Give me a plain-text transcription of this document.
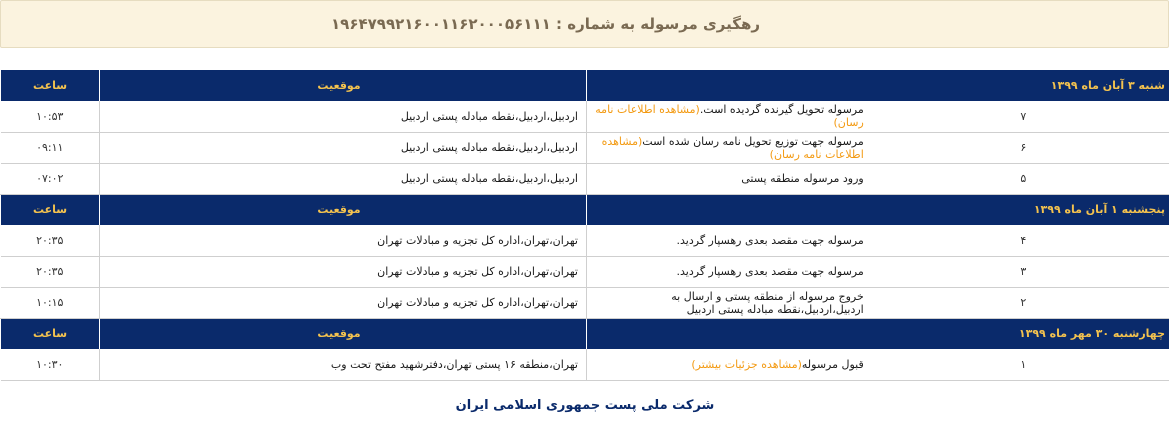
رهگیری مرسوله به شماره : ۱۹۶۴۷۹۹۲۱۶۰۰۱۱۶۲۰۰۰۵۶۱۱۱
شنبه ۳ آبان ماه ۱۳۹۹		موقعیت	ساعت
۷	مرسوله تحویل گیرنده گردیده است.(مشاهده اطلاعات نامه رسان)	اردبیل،اردبیل،نقطه مبادله پستی اردبیل	۱۰:۵۳
۶	مرسوله جهت توزیع تحویل نامه رسان شده است(مشاهده اطلاعات نامه رسان)	اردبیل،اردبیل،نقطه مبادله پستی اردبیل	۰۹:۱۱
۵	ورود مرسوله منطقه پستی	اردبیل،اردبیل،نقطه مبادله پستی اردبیل	۰۷:۰۲
پنجشنبه ۱ آبان ماه ۱۳۹۹		موقعیت	ساعت
۴	مرسوله جهت مقصد بعدی رهسپار گردید.	تهران،تهران،اداره کل تجزیه و مبادلات تهران	۲۰:۳۵
۳	مرسوله جهت مقصد بعدی رهسپار گردید.	تهران،تهران،اداره کل تجزیه و مبادلات تهران	۲۰:۳۵
۲	خروج مرسوله از منطقه پستی و ارسال به اردبیل،اردبیل،نقطه مبادله پستی اردبیل	تهران،تهران،اداره کل تجزیه و مبادلات تهران	۱۰:۱۵
چهارشنبه ۳۰ مهر ماه ۱۳۹۹		موقعیت	ساعت
۱	قبول مرسوله(مشاهده جزئیات بیشتر)	تهران،منطقه ۱۶ پستی تهران،دفترشهید مفتح تحت وب	۱۰:۳۰
شرکت ملی پست جمهوری اسلامی ایران
